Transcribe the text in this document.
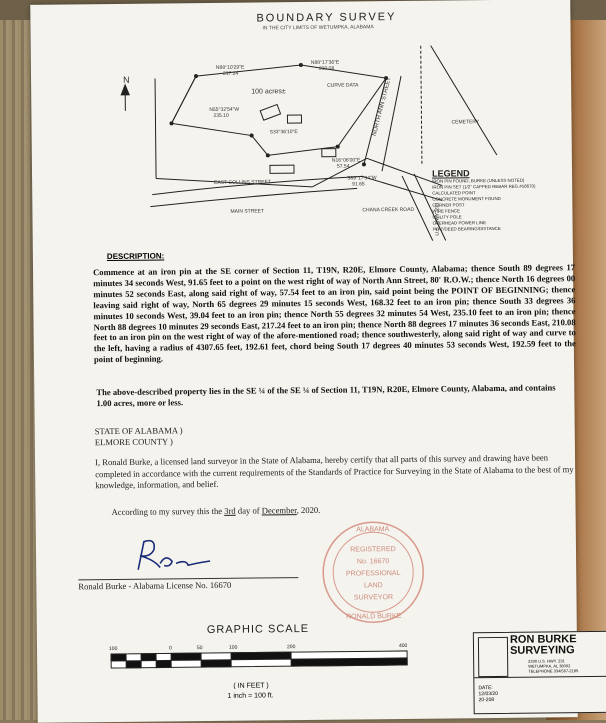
BOUNDARY SURVEY
IN THE CITY LIMITS OF WETUMPKA, ALABAMA
N
100 acres±
N88°10'29"E
217.24
N88°17'36"E
210.08
CURVE DATA
S33°36'10"E
N55°32'54"W
235.10
N16°06'00"E
57.54
S89°17'34"W
91.65
EAST COLLINS STREET
MAIN STREET	CHANA CREEK ROAD
CEMETERY
NORTH ANN STREET
U.S. HWY. 231
LEGEND
IRON PIN FOUND, BURKE (UNLESS NOTED)
IRON PIN SET (1/2" CAPPED REBAR REG.#16670)
CALCULATED POINT
CONCRETE MONUMENT FOUND
CORNER POST
WIRE FENCE
UTILITY POLE
OVERHEAD POWER LINE
PLAT/DEED BEARING/DISTANCE
DESCRIPTION:
Commence at an iron pin at the SE corner of Section 11, T19N, R20E, Elmore County, Alabama; thence South 89 degrees 17 minutes 34 seconds West, 91.65 feet to a point on the west right of way of North Ann Street, 80' R.O.W.; thence North 16 degrees 00 minutes 52 seconds East, along said right of way, 57.54 feet to an iron pin, said point being the POINT OF BEGINNING; thence leaving said right of way, North 65 degrees 29 minutes 15 seconds West, 168.32 feet to an iron pin; thence South 33 degrees 36 minutes 10 seconds West, 39.04 feet to an iron pin; thence North 55 degrees 32 minutes 54 West, 235.10 feet to an iron pin; thence North 88 degrees 10 minutes 29 seconds East, 217.24 feet to an iron pin; thence North 88 degrees 17 minutes 36 seconds East, 210.08 feet to an iron pin on the west right of way of the afore-mentioned road; thence southwesterly, along said right of way and curve to the left, having a radius of 4307.65 feet, 192.61 feet, chord being South 17 degrees 40 minutes 53 seconds West, 192.59 feet to the point of beginning.
The above-described property lies in the SE ¼ of the SE ¼ of Section 11, T19N, R20E, Elmore County, Alabama, and contains 1.00 acres, more or less.
STATE OF ALABAMA )
ELMORE COUNTY )
I, Ronald Burke, a licensed land surveyor in the State of Alabama, hereby certify that all parts of this survey and drawing have been completed in accordance with the current requirements of the Standards of Practice for Surveying in the State of Alabama to the best of my knowledge, information, and belief.
According to my survey this the 3rd day of December, 2020.
Ronald Burke - Alabama License No. 16670
ALABAMA
REGISTERED
No. 16670
PROFESSIONAL
LAND
SURVEYOR
RONALD BURKE
GRAPHIC SCALE
100	0	50	100	200	400
( IN FEET )
1 inch = 100 ft.
RON BURKE
SURVEYING
2330 U.S. HWY. 231
WETUMPKA, AL 36092
TELEPHONE 334/567-2185
DATE:
12/03/20
20-208
